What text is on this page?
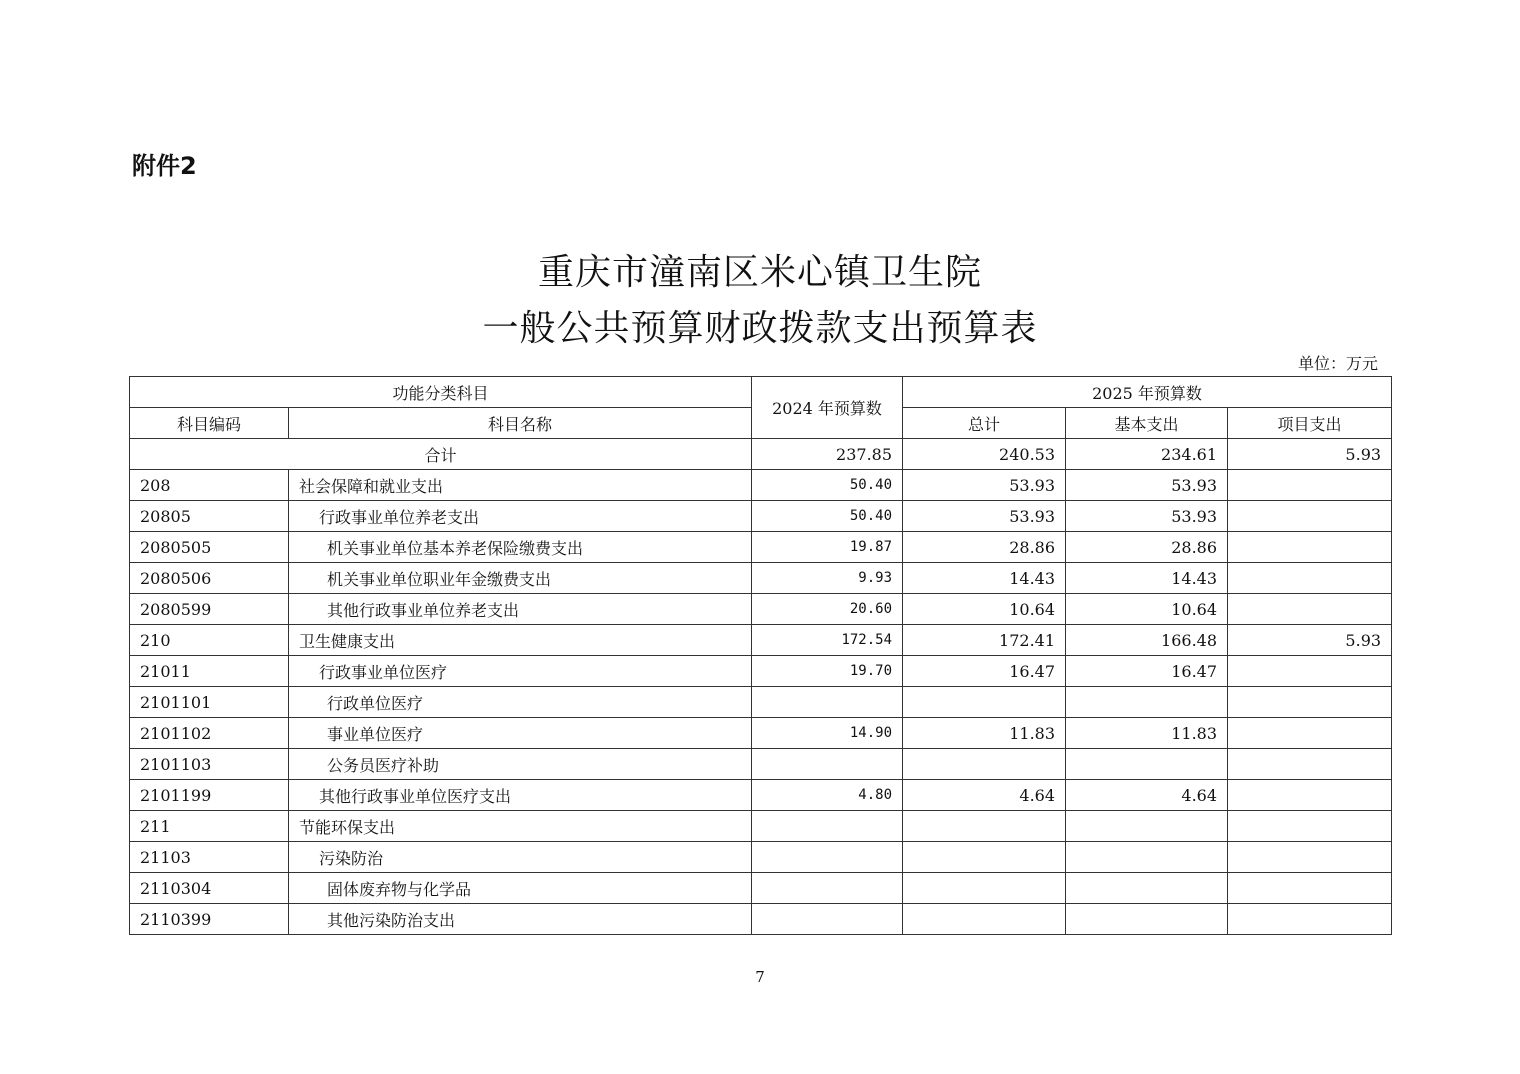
附件2
重庆市潼南区米心镇卫生院
一般公共预算财政拨款支出预算表
单位：万元
功能分类科目		2024 年预算数	2025 年预算数		
科目编码	科目名称		总计	基本支出	项目支出
合计		237.85	240.53	234.61	5.93
208	社会保障和就业支出	50.40	53.93	53.93	
20805	行政事业单位养老支出	50.40	53.93	53.93	
2080505	机关事业单位基本养老保险缴费支出	19.87	28.86	28.86	
2080506	机关事业单位职业年金缴费支出	9.93	14.43	14.43	
2080599	其他行政事业单位养老支出	20.60	10.64	10.64	
210	卫生健康支出	172.54	172.41	166.48	5.93
21011	行政事业单位医疗	19.70	16.47	16.47	
2101101	行政单位医疗				
2101102	事业单位医疗	14.90	11.83	11.83	
2101103	公务员医疗补助				
2101199	其他行政事业单位医疗支出	4.80	4.64	4.64	
211	节能环保支出				
21103	污染防治				
2110304	固体废弃物与化学品				
2110399	其他污染防治支出				
7
